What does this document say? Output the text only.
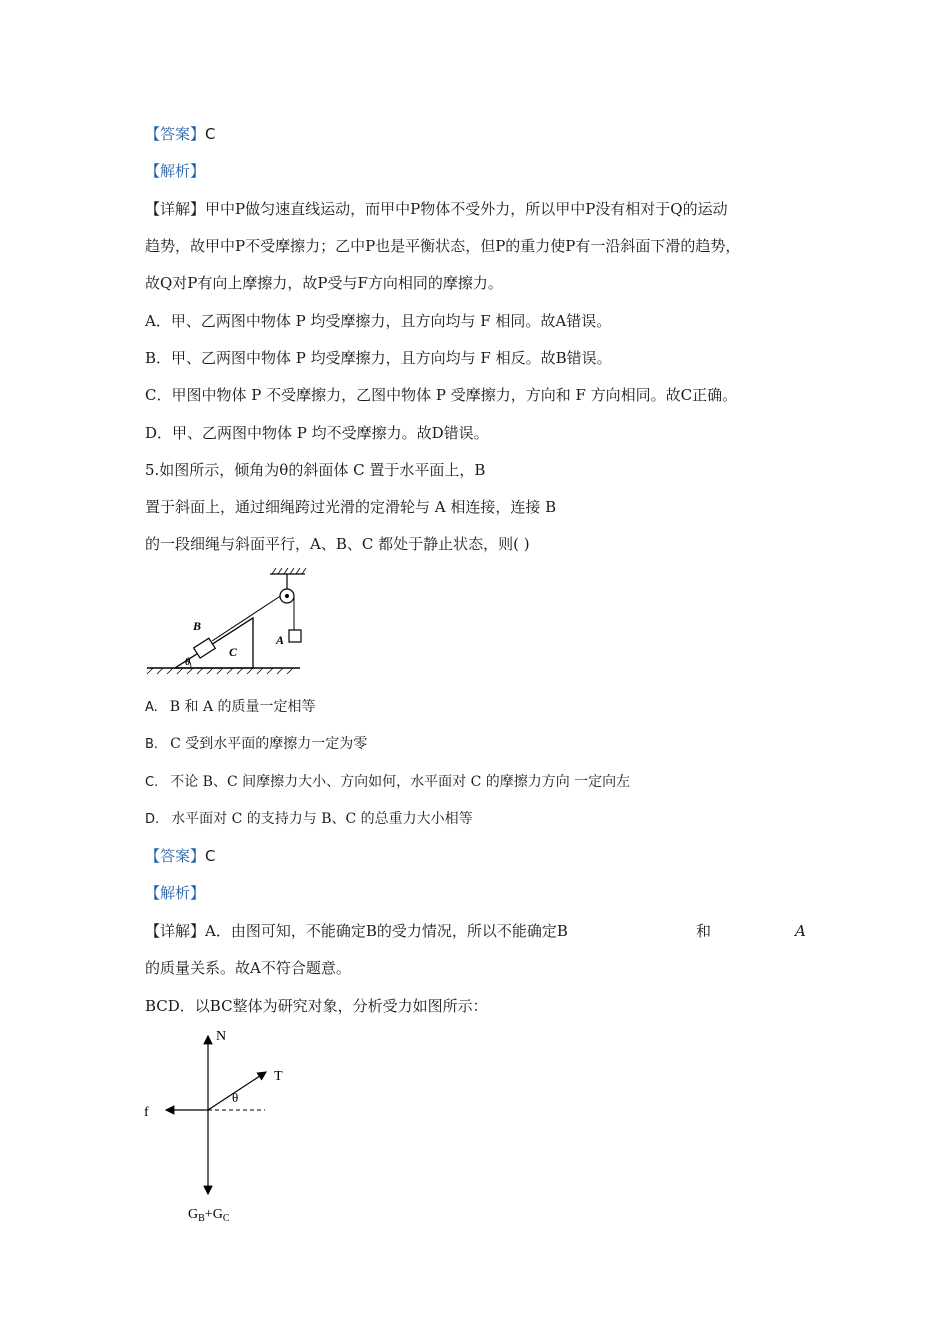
【答案】C
【解析】
【详解】甲中P做匀速直线运动，而甲中P物体不受外力，所以甲中P没有相对于Q的运动
趋势，故甲中P不受摩擦力；乙中P也是平衡状态，但P的重力使P有一沿斜面下滑的趋势，
故Q对P有向上摩擦力，故P受与F方向相同的摩擦力。
A．甲、乙两图中物体 P 均受摩擦力，且方向均与 F 相同。故A错误。
B．甲、乙两图中物体 P 均受摩擦力，且方向均与 F 相反。故B错误。
C．甲图中物体 P 不受摩擦力，乙图中物体 P 受摩擦力，方向和 F 方向相同。故C正确。
D．甲、乙两图中物体 P 均不受摩擦力。故D错误。
5.如图所示，倾角为θ的斜面体 C 置于水平面上，B
置于斜面上，通过细绳跨过光滑的定滑轮与 A 相连接，连接 B
的一段细绳与斜面平行，A、B、C 都处于静止状态，则( )
B
C
A
θ
A. B 和 A 的质量一定相等
B. C 受到水平面的摩擦力一定为零
C. 不论 B、C 间摩擦力大小、方向如何，水平面对 C 的摩擦力方向 一定向左
D. 水平面对 C 的支持力与 B、C 的总重力大小相等
【答案】C
【解析】
【详解】A．由图可知，不能确定B的受力情况，所以不能确定B	和	A
的质量关系。故A不符合题意。
BCD．以BC整体为研究对象，分析受力如图所示：
N
T
f
θ
$G_B+G_C$
